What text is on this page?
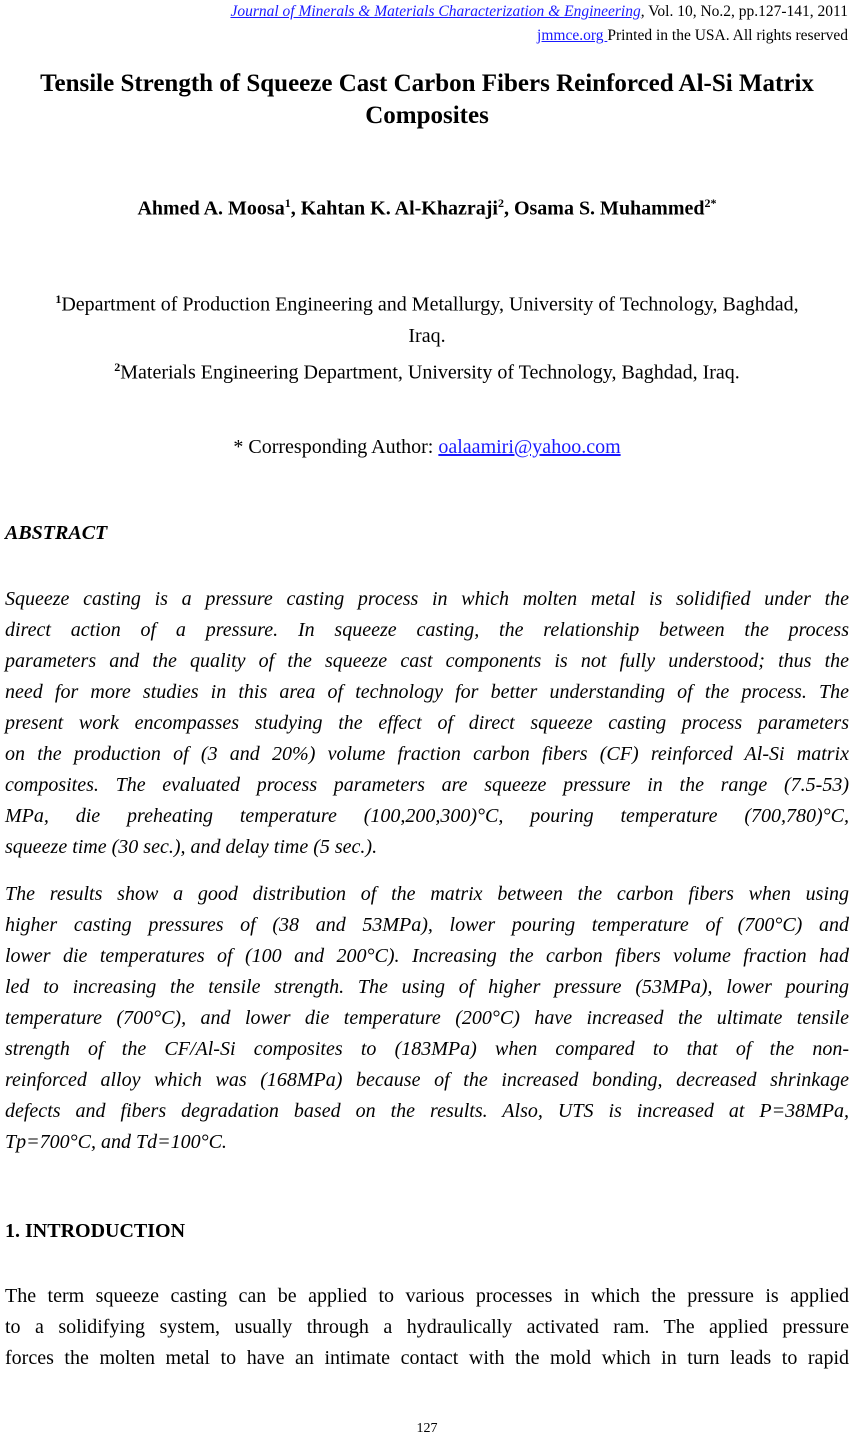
Journal of Minerals & Materials Characterization & Engineering, Vol. 10, No.2, pp.127-141, 2011
jmmce.org Printed in the USA. All rights reserved
Tensile Strength of Squeeze Cast Carbon Fibers Reinforced Al-Si Matrix
Composites
Ahmed A. Moosa$^1$, Kahtan K. Al-Khazraji$^2$, Osama S. Muhammed$^{2*}$
$^1$Department of Production Engineering and Metallurgy, University of Technology, Baghdad,
Iraq.
$^2$Materials Engineering Department, University of Technology, Baghdad, Iraq.
* Corresponding Author: oalaamiri@yahoo.com
ABSTRACT
Squeeze casting is a pressure casting process in which molten metal is solidified under the
direct action of a pressure. In squeeze casting, the relationship between the process
parameters and the quality of the squeeze cast components is not fully understood; thus the
need for more studies in this area of technology for better understanding of the process. The
present work encompasses studying the effect of direct squeeze casting process parameters
on the production of (3 and 20%) volume fraction carbon fibers (CF) reinforced Al-Si matrix
composites. The evaluated process parameters are squeeze pressure in the range (7.5-53)
MPa, die preheating temperature (100,200,300)°C, pouring temperature (700,780)°C,
squeeze time (30 sec.), and delay time (5 sec.).
The results show a good distribution of the matrix between the carbon fibers when using
higher casting pressures of (38 and 53MPa), lower pouring temperature of (700°C) and
lower die temperatures of (100 and 200°C). Increasing the carbon fibers volume fraction had
led to increasing the tensile strength. The using of higher pressure (53MPa), lower pouring
temperature (700°C), and lower die temperature (200°C) have increased the ultimate tensile
strength of the CF/Al-Si composites to (183MPa) when compared to that of the non-
reinforced alloy which was (168MPa) because of the increased bonding, decreased shrinkage
defects and fibers degradation based on the results. Also, UTS is increased at P=38MPa,
Tp=700°C, and Td=100°C.
1. INTRODUCTION
The term squeeze casting can be applied to various processes in which the pressure is applied
to a solidifying system, usually through a hydraulically activated ram. The applied pressure
forces the molten metal to have an intimate contact with the mold which in turn leads to rapid
127
